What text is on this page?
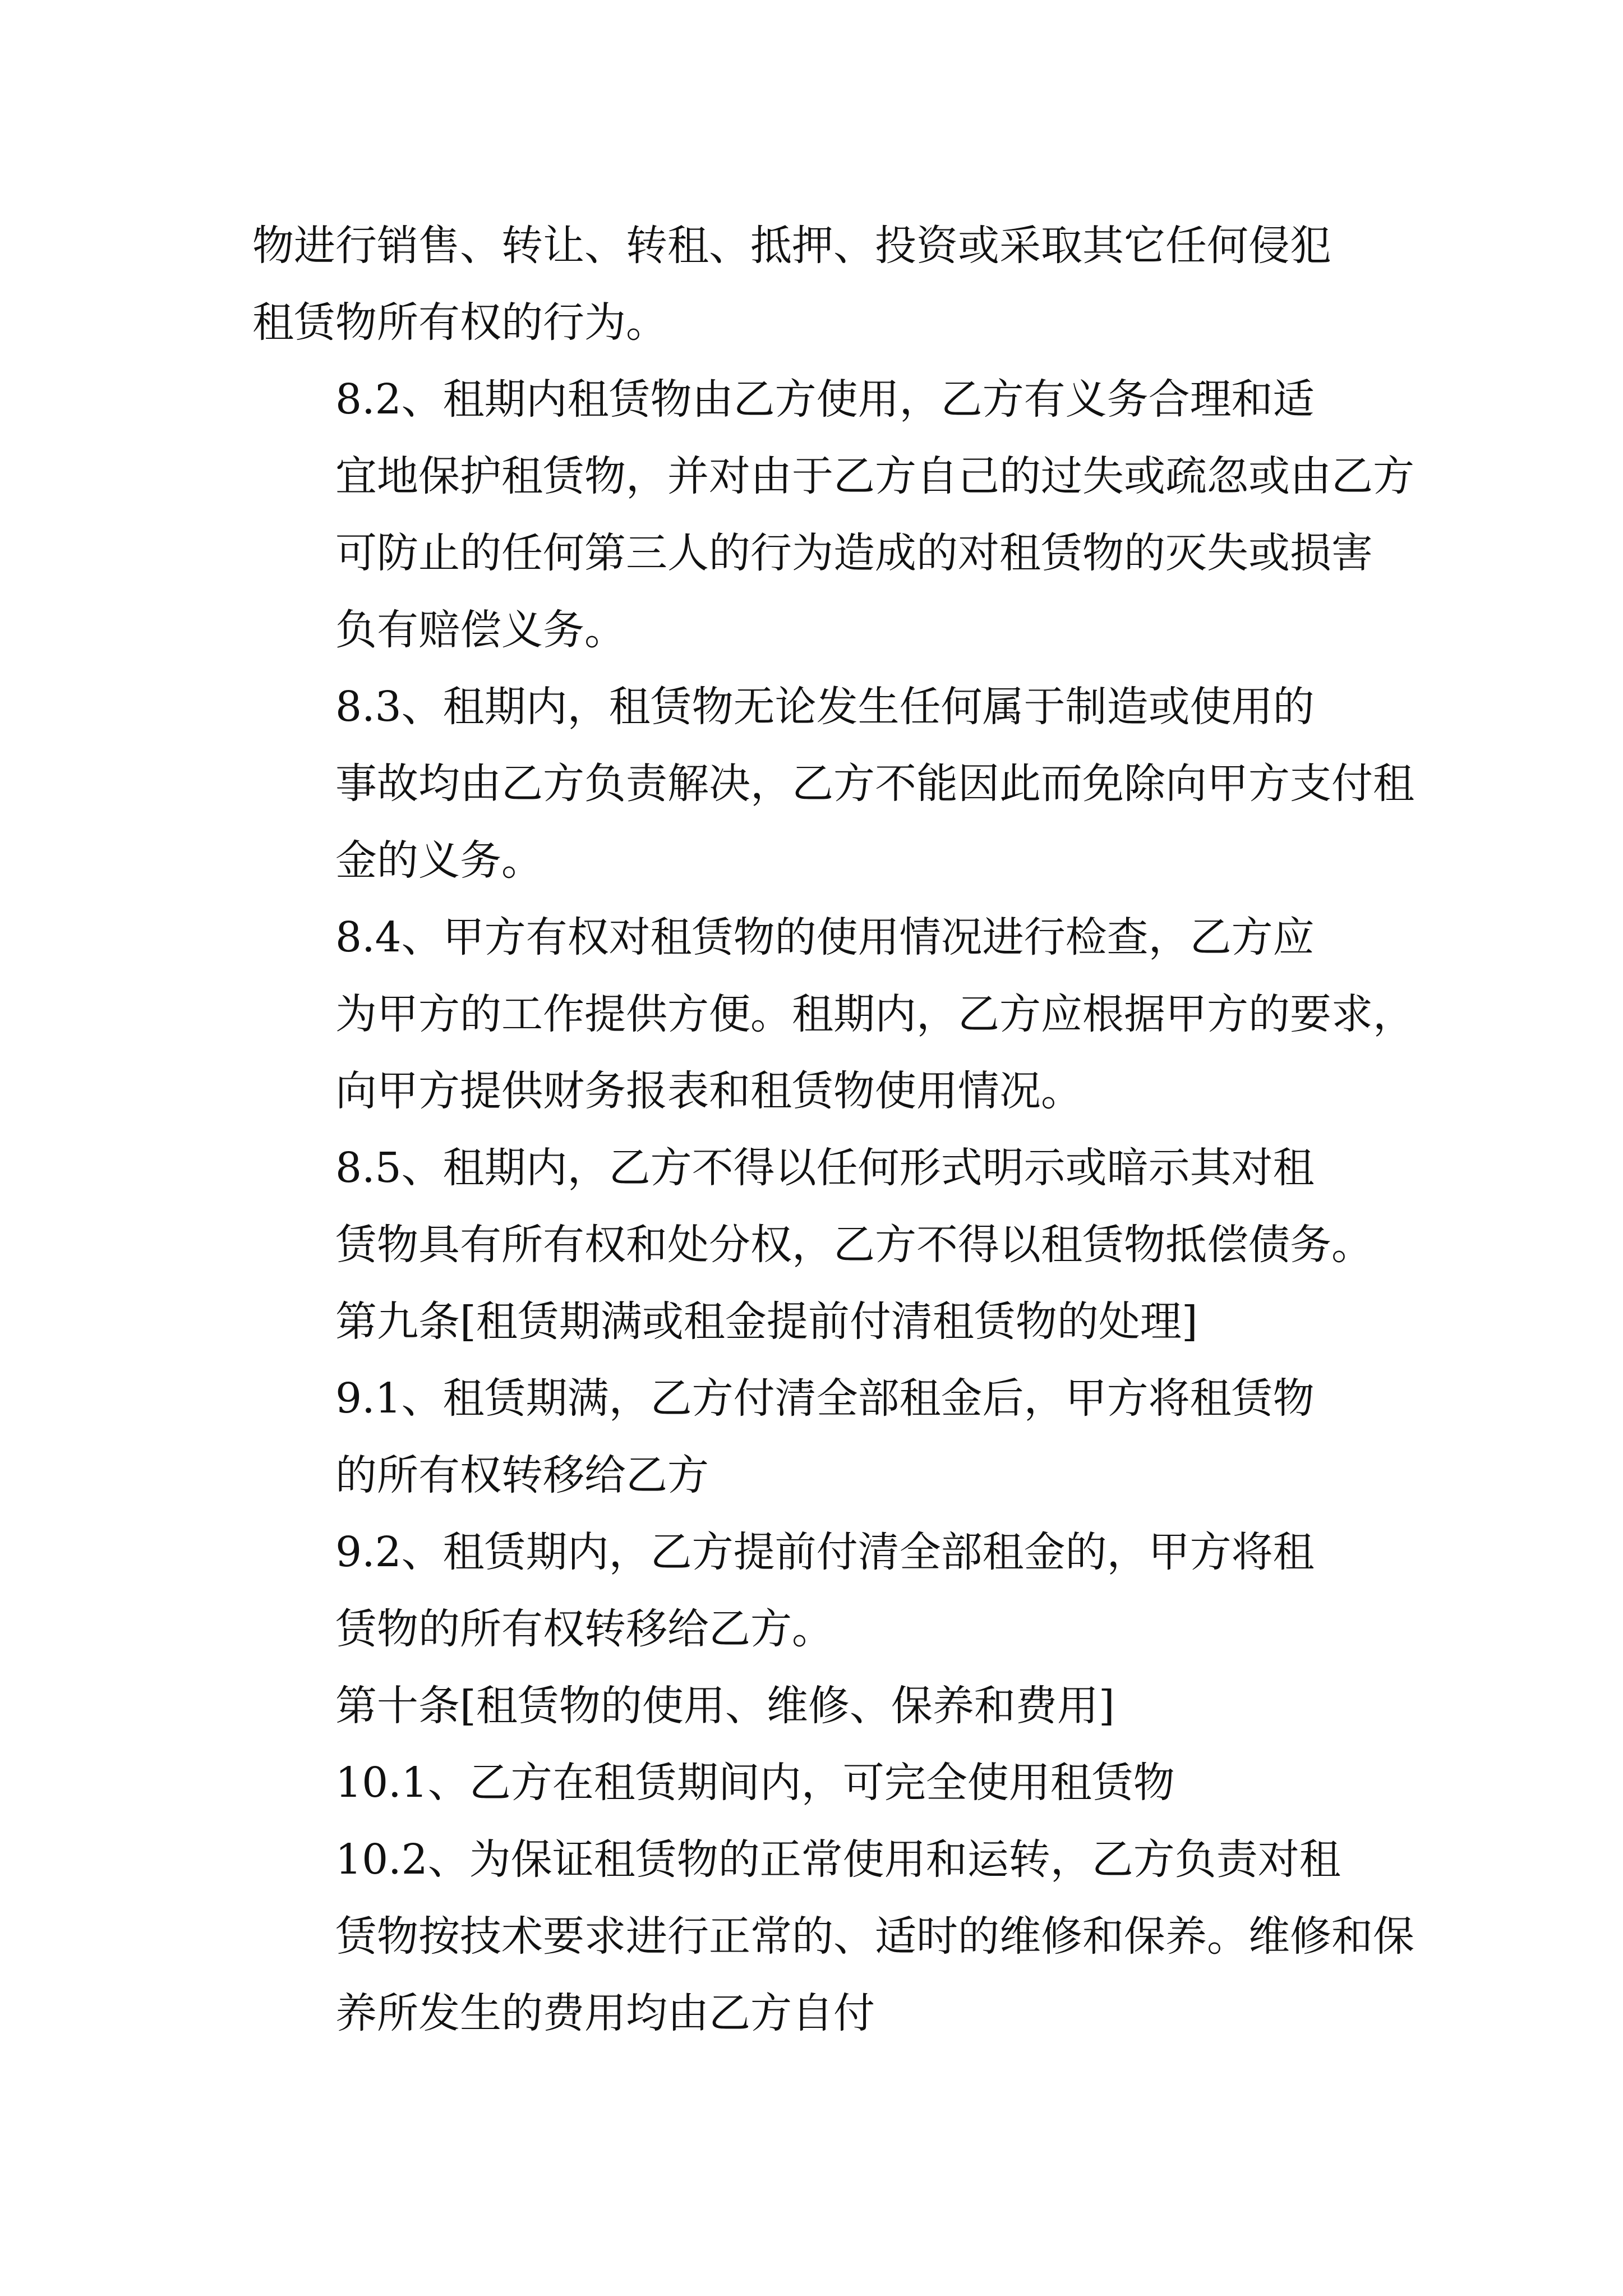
物进行销售、转让、转租、抵押、投资或采取其它任何侵犯
租赁物所有权的行为。

8.2、租期内租赁物由乙方使用，乙方有义务合理和适
宜地保护租赁物，并对由于乙方自己的过失或疏忽或由乙方
可防止的任何第三人的行为造成的对租赁物的灭失或损害
负有赔偿义务。

8.3、租期内，租赁物无论发生任何属于制造或使用的
事故均由乙方负责解决，乙方不能因此而免除向甲方支付租
金的义务。

8.4、甲方有权对租赁物的使用情况进行检查，乙方应
为甲方的工作提供方便。租期内，乙方应根据甲方的要求，
向甲方提供财务报表和租赁物使用情况。

8.5、租期内，乙方不得以任何形式明示或暗示其对租
赁物具有所有权和处分权，乙方不得以租赁物抵偿债务。

第九条[租赁期满或租金提前付清租赁物的处理]

9.1、租赁期满，乙方付清全部租金后，甲方将租赁物
的所有权转移给乙方

9.2、租赁期内，乙方提前付清全部租金的，甲方将租
赁物的所有权转移给乙方。

第十条[租赁物的使用、维修、保养和费用]

10.1、乙方在租赁期间内，可完全使用租赁物

10.2、为保证租赁物的正常使用和运转，乙方负责对租
赁物按技术要求进行正常的、适时的维修和保养。维修和保
养所发生的费用均由乙方自付
